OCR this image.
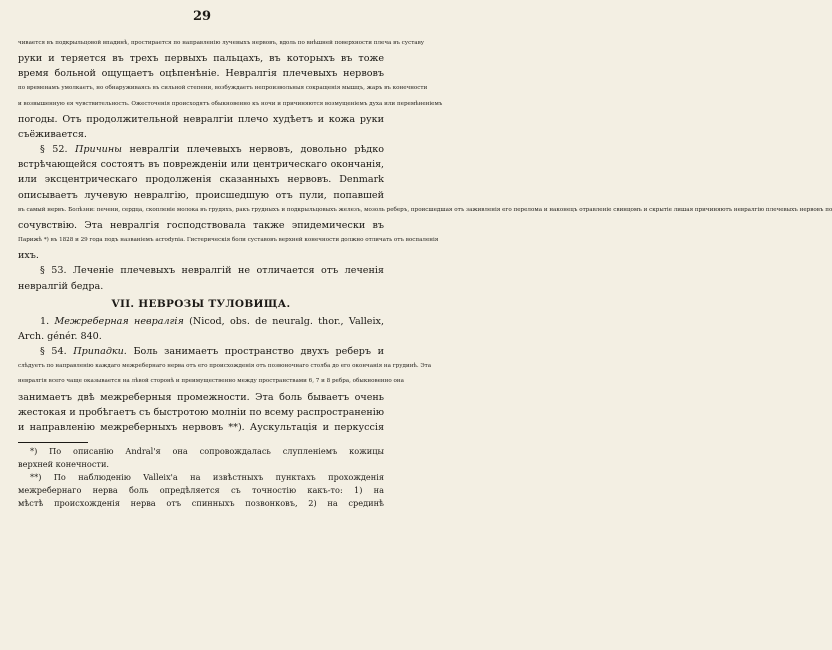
29
чивается въ подкрыльцовой впадинѣ, простирается по направленію лучевыхъ нервовъ, вдоль по внѣшней поверхности плеча въ суставу
руки и теряется въ трехъ первыхъ пальцахъ, въ которыхъ въ тоже
время больной ощущаетъ оцѣпенѣніе. Невралгія плечевыхъ нервовъ
по временамъ умолкаетъ, но обнаруживаясь въ сильной степени, возбуждаетъ непроизвольныя сокращенія мышцъ, жаръ въ конечности
и возвышенную ея чувствительность. Ожесточенія происходятъ обыкновенно къ ночи и причиняются возмущеніемъ духа или перемѣненіемъ
погоды. Отъ продолжительной невралгіи плечо худѣетъ и кожа руки
съёживается.
§ 52. Причины невралгіи плечевыхъ нервовъ, довольно рѣдко
встрѣчающейся состоятъ въ поврежденіи или центрическаго окончанія,
или эксцентрическаго продолженія сказанныхъ нервовъ. Denmark
описываетъ лучевую невралгію, происшедшую отъ пули, попавшей
въ самый нервъ. Болѣзни: печени, сердца, скопленіе молока въ грудяхъ, ракъ грудныхъ и подкрыльцовыхъ железъ, мозоль реберъ, происшедшая отъ заживленія его перелома и наконецъ отравленіе свинцомъ и скрытіе лишая причиняютъ невралгію плечевыхъ нервовъ по
сочувствію. Эта невралгія господствовала также эпидемически въ
Парижѣ *) въ 1828 и 29 года подъ названіемъ acrodynia. Гистерическія боли суставовъ верхней конечности должно отличать отъ воспаленія
ихъ.
§ 53. Леченіе плечевыхъ невралгій не отличается отъ леченія
невралгій бедра.
VII. НЕВРОЗЫ ТУЛОВИЩА.
1. Межреберная невралгія (Nicod, obs. de neuralg. thor., Valleix,
Arch. génér. 840.
§ 54. Припадки. Боль занимаетъ пространство двухъ реберъ и
слѣдуетъ по направленію каждаго межребернаго нерва отъ его происхожденія отъ позвоночнаго столба до его окончанія на грудинѣ. Эта
невралгія всего чаще оказывается на лѣвой сторонѣ и преимущественно между пространствами 6, 7 и 8 ребра, обыкновенно она
занимаетъ двѣ межреберныя промежности. Эта боль бываетъ очень
жестокая и пробѣгаетъ съ быстротою молніи по всему распространенію
и направленію межреберныхъ нервовъ **). Аускультація и перкуссія
*) По описанію Andral'я она сопровождалась слупленіемъ кожицы
верхней конечности.
**) По наблюденію Valleix'а на извѣстныхъ пунктахъ прохожденія
межребернаго нерва боль опредѣляется съ точностію какъ-то: 1) на
мѣстѣ происхожденія нерва отъ спинныхъ позвонковъ, 2) на срединѣ
